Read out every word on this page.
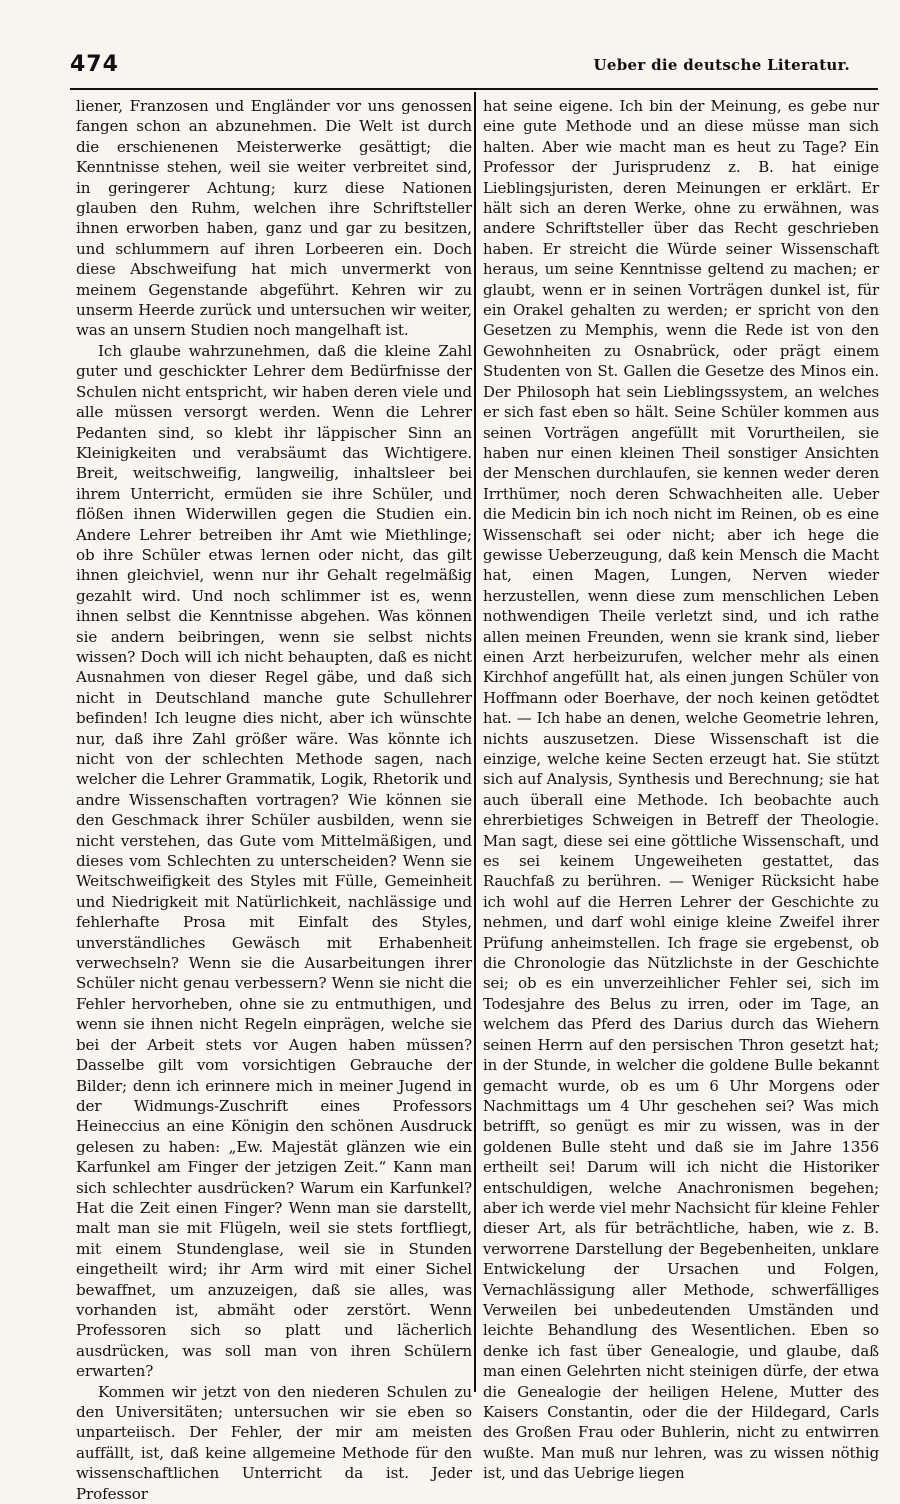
474	Ueber die deutsche Literatur.

liener, Franzosen und Engländer vor uns genossen fangen schon an abzunehmen. Die Welt ist durch die erschienenen Meisterwerke gesättigt; die Kenntnisse stehen, weil sie weiter verbreitet sind, in geringerer Achtung; kurz diese Nationen glauben den Ruhm, welchen ihre Schriftsteller ihnen erworben haben, ganz und gar zu besitzen, und schlummern auf ihren Lorbeeren ein. Doch diese Abschweifung hat mich unvermerkt von meinem Gegenstande abgeführt. Kehren wir zu unserm Heerde zurück und untersuchen wir weiter, was an unsern Studien noch mangelhaft ist.

Ich glaube wahrzunehmen, daß die kleine Zahl guter und geschickter Lehrer dem Bedürfnisse der Schulen nicht entspricht, wir haben deren viele und alle müssen versorgt werden. Wenn die Lehrer Pedanten sind, so klebt ihr läppischer Sinn an Kleinigkeiten und verabsäumt das Wichtigere. Breit, weitschweifig, langweilig, inhaltsleer bei ihrem Unterricht, ermüden sie ihre Schüler, und flößen ihnen Widerwillen gegen die Studien ein. Andere Lehrer betreiben ihr Amt wie Miethlinge; ob ihre Schüler etwas lernen oder nicht, das gilt ihnen gleichviel, wenn nur ihr Gehalt regelmäßig gezahlt wird. Und noch schlimmer ist es, wenn ihnen selbst die Kenntnisse abgehen. Was können sie andern beibringen, wenn sie selbst nichts wissen? Doch will ich nicht behaupten, daß es nicht Ausnahmen von dieser Regel gäbe, und daß sich nicht in Deutschland manche gute Schullehrer befinden! Ich leugne dies nicht, aber ich wünschte nur, daß ihre Zahl größer wäre. Was könnte ich nicht von der schlechten Methode sagen, nach welcher die Lehrer Grammatik, Logik, Rhetorik und andre Wissenschaften vortragen? Wie können sie den Geschmack ihrer Schüler ausbilden, wenn sie nicht verstehen, das Gute vom Mittelmäßigen, und dieses vom Schlechten zu unterscheiden? Wenn sie Weitschweifigkeit des Styles mit Fülle, Gemeinheit und Niedrigkeit mit Natürlichkeit, nachlässige und fehlerhafte Prosa mit Einfalt des Styles, unverständliches Gewäsch mit Erhabenheit verwechseln? Wenn sie die Ausarbeitungen ihrer Schüler nicht genau verbessern? Wenn sie nicht die Fehler hervorheben, ohne sie zu entmuthigen, und wenn sie ihnen nicht Regeln einprägen, welche sie bei der Arbeit stets vor Augen haben müssen? Dasselbe gilt vom vorsichtigen Gebrauche der Bilder; denn ich erinnere mich in meiner Jugend in der Widmungs-Zuschrift eines Professors Heineccius an eine Königin den schönen Ausdruck gelesen zu haben: „Ew. Majestät glänzen wie ein Karfunkel am Finger der jetzigen Zeit.“ Kann man sich schlechter ausdrücken? Warum ein Karfunkel? Hat die Zeit einen Finger? Wenn man sie darstellt, malt man sie mit Flügeln, weil sie stets fortfliegt, mit einem Stundenglase, weil sie in Stunden eingetheilt wird; ihr Arm wird mit einer Sichel bewaffnet, um anzuzeigen, daß sie alles, was vorhanden ist, abmäht oder zerstört. Wenn Professoren sich so platt und lächerlich ausdrücken, was soll man von ihren Schülern erwarten?

Kommen wir jetzt von den niederen Schulen zu den Universitäten; untersuchen wir sie eben so unparteiisch. Der Fehler, der mir am meisten auffällt, ist, daß keine allgemeine Methode für den wissenschaftlichen Unterricht da ist. Jeder Professor

hat seine eigene. Ich bin der Meinung, es gebe nur eine gute Methode und an diese müsse man sich halten. Aber wie macht man es heut zu Tage? Ein Professor der Jurisprudenz z. B. hat einige Lieblingsjuristen, deren Meinungen er erklärt. Er hält sich an deren Werke, ohne zu erwähnen, was andere Schriftsteller über das Recht geschrieben haben. Er streicht die Würde seiner Wissenschaft heraus, um seine Kenntnisse geltend zu machen; er glaubt, wenn er in seinen Vorträgen dunkel ist, für ein Orakel gehalten zu werden; er spricht von den Gesetzen zu Memphis, wenn die Rede ist von den Gewohnheiten zu Osnabrück, oder prägt einem Studenten von St. Gallen die Gesetze des Minos ein. Der Philosoph hat sein Lieblingssystem, an welches er sich fast eben so hält. Seine Schüler kommen aus seinen Vorträgen angefüllt mit Vorurtheilen, sie haben nur einen kleinen Theil sonstiger Ansichten der Menschen durchlaufen, sie kennen weder deren Irrthümer, noch deren Schwachheiten alle. Ueber die Medicin bin ich noch nicht im Reinen, ob es eine Wissenschaft sei oder nicht; aber ich hege die gewisse Ueberzeugung, daß kein Mensch die Macht hat, einen Magen, Lungen, Nerven wieder herzustellen, wenn diese zum menschlichen Leben nothwendigen Theile verletzt sind, und ich rathe allen meinen Freunden, wenn sie krank sind, lieber einen Arzt herbeizurufen, welcher mehr als einen Kirchhof angefüllt hat, als einen jungen Schüler von Hoffmann oder Boerhave, der noch keinen getödtet hat. — Ich habe an denen, welche Geometrie lehren, nichts auszusetzen. Diese Wissenschaft ist die einzige, welche keine Secten erzeugt hat. Sie stützt sich auf Analysis, Synthesis und Berechnung; sie hat auch überall eine Methode. Ich beobachte auch ehrerbietiges Schweigen in Betreff der Theologie. Man sagt, diese sei eine göttliche Wissenschaft, und es sei keinem Ungeweiheten gestattet, das Rauchfaß zu berühren. — Weniger Rücksicht habe ich wohl auf die Herren Lehrer der Geschichte zu nehmen, und darf wohl einige kleine Zweifel ihrer Prüfung anheimstellen. Ich frage sie ergebenst, ob die Chronologie das Nützlichste in der Geschichte sei; ob es ein unverzeihlicher Fehler sei, sich im Todesjahre des Belus zu irren, oder im Tage, an welchem das Pferd des Darius durch das Wiehern seinen Herrn auf den persischen Thron gesetzt hat; in der Stunde, in welcher die goldene Bulle bekannt gemacht wurde, ob es um 6 Uhr Morgens oder Nachmittags um 4 Uhr geschehen sei? Was mich betrifft, so genügt es mir zu wissen, was in der goldenen Bulle steht und daß sie im Jahre 1356 ertheilt sei! Darum will ich nicht die Historiker entschuldigen, welche Anachronismen begehen; aber ich werde viel mehr Nachsicht für kleine Fehler dieser Art, als für beträchtliche, haben, wie z. B. verworrene Darstellung der Begebenheiten, unklare Entwickelung der Ursachen und Folgen, Vernachlässigung aller Methode, schwerfälliges Verweilen bei unbedeutenden Umständen und leichte Behandlung des Wesentlichen. Eben so denke ich fast über Genealogie, und glaube, daß man einen Gelehrten nicht steinigen dürfe, der etwa die Genealogie der heiligen Helene, Mutter des Kaisers Constantin, oder die der Hildegard, Carls des Großen Frau oder Buhlerin, nicht zu entwirren wußte. Man muß nur lehren, was zu wissen nöthig ist, und das Uebrige liegen
